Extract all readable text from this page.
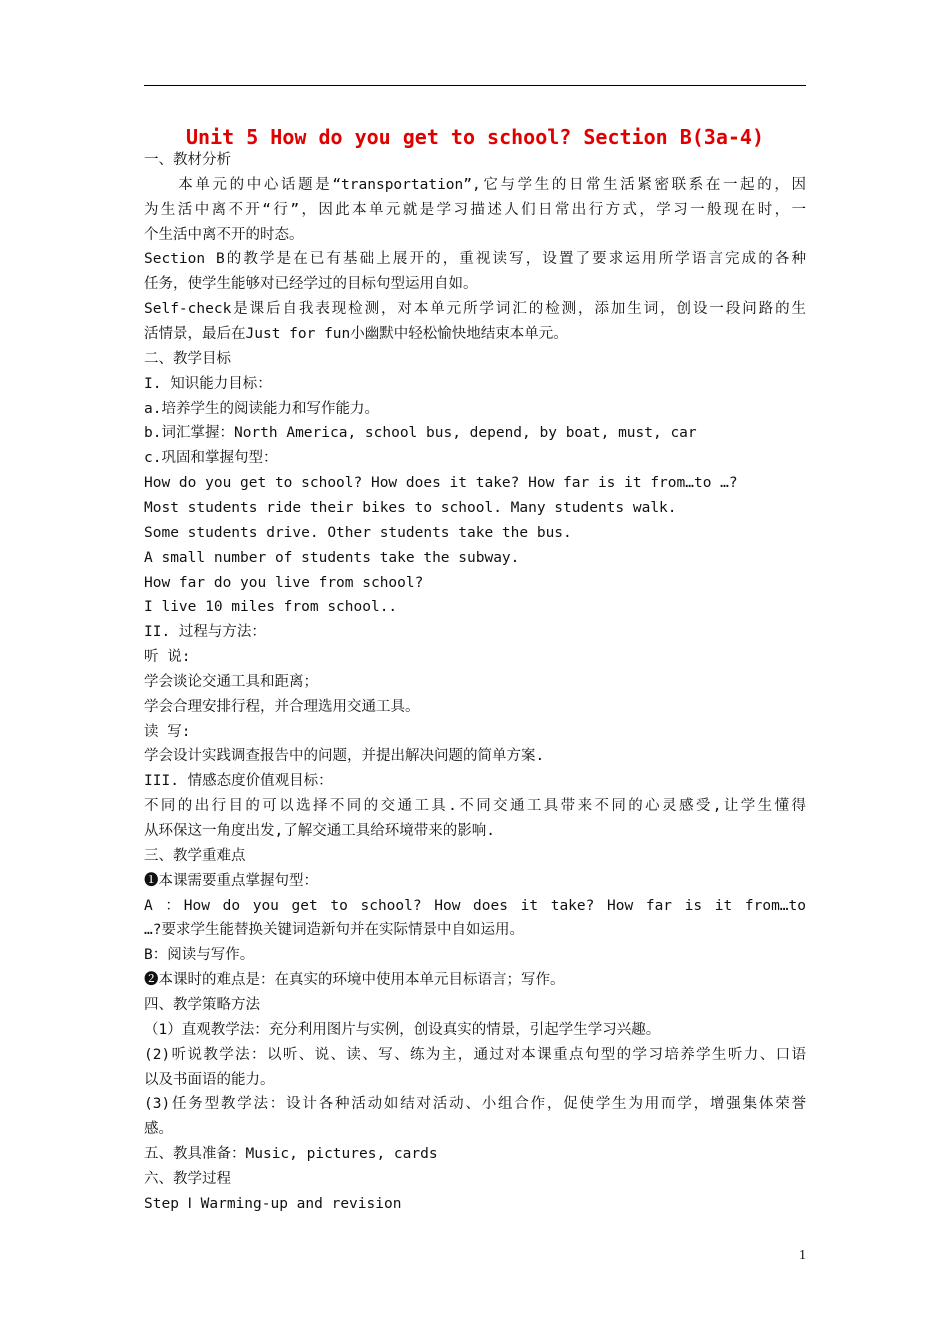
Unit 5 How do you get to school? Section B(3a-4)
一、教材分析
　　本单元的中心话题是“transportation”,它与学生的日常生活紧密联系在一起的，因
为生活中离不开“行”，因此本单元就是学习描述人们日常出行方式，学习一般现在时，一
个生活中离不开的时态。
Section B的教学是在已有基础上展开的，重视读写，设置了要求运用所学语言完成的各种
任务，使学生能够对已经学过的目标句型运用自如。
Self-check是课后自我表现检测，对本单元所学词汇的检测，添加生词，创设一段问路的生
活情景，最后在Just for fun小幽默中轻松愉快地结束本单元。
二、教学目标
I. 知识能力目标：
a.培养学生的阅读能力和写作能力。
b.词汇掌握：North America, school bus, depend, by boat, must, car
c.巩固和掌握句型：
How do you get to school? How does it take? How far is it from…to …?
Most students ride their bikes to school. Many students walk.
Some students drive. Other students take the bus.
A small number of students take the subway.
How far do you live from school?
I live 10 miles from school..
II. 过程与方法：
听 说:
学会谈论交通工具和距离；
学会合理安排行程，并合理选用交通工具。
读 写:
学会设计实践调查报告中的问题，并提出解决问题的简单方案.
III. 情感态度价值观目标：
不同的出行目的可以选择不同的交通工具.不同交通工具带来不同的心灵感受,让学生懂得
从环保这一角度出发,了解交通工具给环境带来的影响.
三、教学重难点
❶本课需要重点掌握句型：
A ：How do you get to school? How does it take? How far is it from…to
…?要求学生能替换关键词造新句并在实际情景中自如运用。
B：阅读与写作。
❷本课时的难点是：在真实的环境中使用本单元目标语言；写作。
四、教学策略方法
（1）直观教学法：充分利用图片与实例，创设真实的情景，引起学生学习兴趣。
(2)听说教学法：以听、说、读、写、练为主，通过对本课重点句型的学习培养学生听力、口语
以及书面语的能力。
(3)任务型教学法：设计各种活动如结对活动、小组合作，促使学生为用而学，增强集体荣誉
感。
五、教具准备：Music, pictures, cards
六、教学过程
Step Ⅰ Warming-up and revision
1
